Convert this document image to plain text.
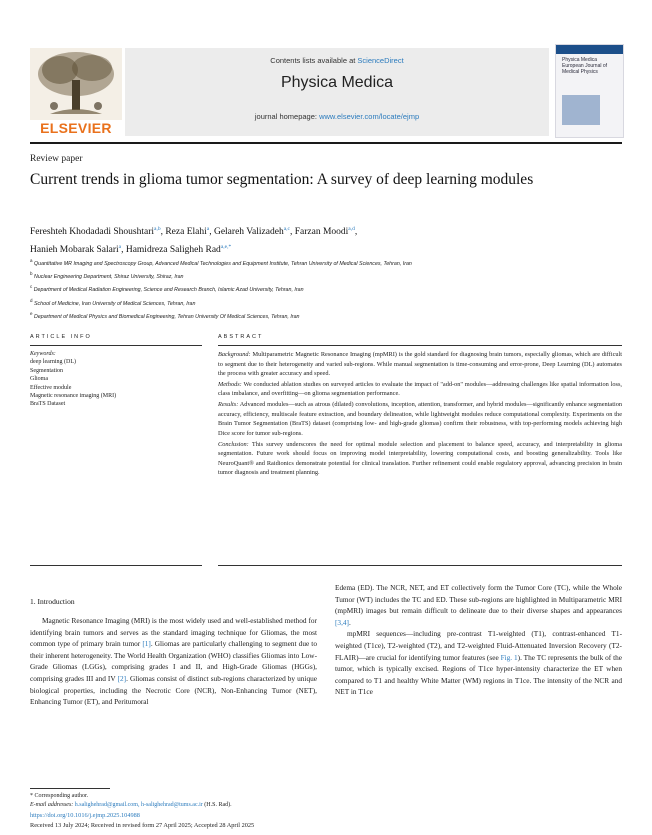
ELSEVIER
Contents lists available at ScienceDirect
Physica Medica
journal homepage: www.elsevier.com/locate/ejmp
Physica Medica European Journal of Medical Physics
Review paper
Current trends in glioma tumor segmentation: A survey of deep learning modules
Fereshteh Khodadadi Shoushtari$^{a,b}$, Reza Elahi$^a$, Gelareh Valizadeh$^{a,c}$, Farzan Moodi$^{a,d}$,
Hanieh Mobarak Salari$^a$, Hamidreza Saligheh Rad$^{a,e,*}$
$^a$ Quantitative MR Imaging and Spectroscopy Group, Advanced Medical Technologies and Equipment Institute, Tehran University of Medical Sciences, Tehran, Iran
$^b$ Nuclear Engineering Department, Shiraz University, Shiraz, Iran
$^c$ Department of Medical Radiation Engineering, Science and Research Branch, Islamic Azad University, Tehran, Iran
$^d$ School of Medicine, Iran University of Medical Sciences, Tehran, Iran
$^e$ Department of Medical Physics and Biomedical Engineering, Tehran University Of Medical Sciences, Tehran, Iran
ARTICLE INFO	ABSTRACT
Keywords:
deep learning (DL)
Segmentation
Glioma
Effective module
Magnetic resonance imaging (MRI)
BraTS Dataset

Background: Multiparametric Magnetic Resonance Imaging (mpMRI) is the gold standard for diagnosing brain tumors, especially gliomas, which are difficult to segment due to their heterogeneity and varied sub-regions. While manual segmentation is time-consuming and error-prone, Deep Learning (DL) automates the process with greater accuracy and speed.

Methods: We conducted ablation studies on surveyed articles to evaluate the impact of "add-on" modules—addressing challenges like spatial information loss, class imbalance, and overfitting—on glioma segmentation performance.

Results: Advanced modules—such as atrous (dilated) convolutions, inception, attention, transformer, and hybrid modules—significantly enhance segmentation accuracy, efficiency, multiscale feature extraction, and boundary delineation, while lightweight modules reduce computational complexity. Experiments on the Brain Tumor Segmentation (BraTS) dataset (comprising low- and high-grade gliomas) confirm their robustness, with top-performing models achieving high Dice score for tumor sub-regions.

Conclusion: This survey underscores the need for optimal module selection and placement to balance speed, accuracy, and interpretability in glioma segmentation. Future work should focus on improving model interpretability, lowering computational costs, and boosting generalizability. Tools like NeuroQuant® and Raidionics demonstrate potential for clinical translation. Further refinement could enable regulatory approval, advancing precision in brain tumor diagnosis and treatment planning.

1. Introduction

Magnetic Resonance Imaging (MRI) is the most widely used and well-established method for identifying brain tumors and serves as the standard imaging technique for Gliomas, the most common type of primary brain tumor [1]. Gliomas are particularly challenging to segment due to their inherent heterogeneity. The World Health Organization (WHO) classifies Gliomas into Low-Grade Gliomas (LGGs), comprising grades I and II, and High-Grade Gliomas (HGGs), comprising grades III and IV [2]. Gliomas consist of distinct sub-regions characterized by unique biological properties, including the Necrotic Core (NCR), Non-Enhancing Tumor (NET), Enhancing Tumor (ET), and Peritumoral

Edema (ED). The NCR, NET, and ET collectively form the Tumor Core (TC), while the Whole Tumor (WT) includes the TC and ED. These sub-regions are highlighted in Multiparametric MRI (mpMRI) images but remain difficult to delineate due to their diverse shapes and appearances [3,4].

mpMRI sequences—including pre-contrast T1-weighted (T1), contrast-enhanced T1-weighted (T1ce), T2-weighted (T2), and T2-weighted Fluid-Attenuated Inversion Recovery (T2-FLAIR)—are crucial for identifying tumor features (see Fig. 1). The TC represents the bulk of the tumor, which is typically excised. Regions of T1ce hyper-intensity characterize the ET when compared to T1 and healthy White Matter (WM) regions in T1ce. The intensity of the NCR and NET in T1ce

* Corresponding author.
E-mail addresses: h.salighehrad@gmail.com, h-salighehrad@tums.ac.ir (H.S. Rad).
https://doi.org/10.1016/j.ejmp.2025.104988
Received 13 July 2024; Received in revised form 27 April 2025; Accepted 28 April 2025
